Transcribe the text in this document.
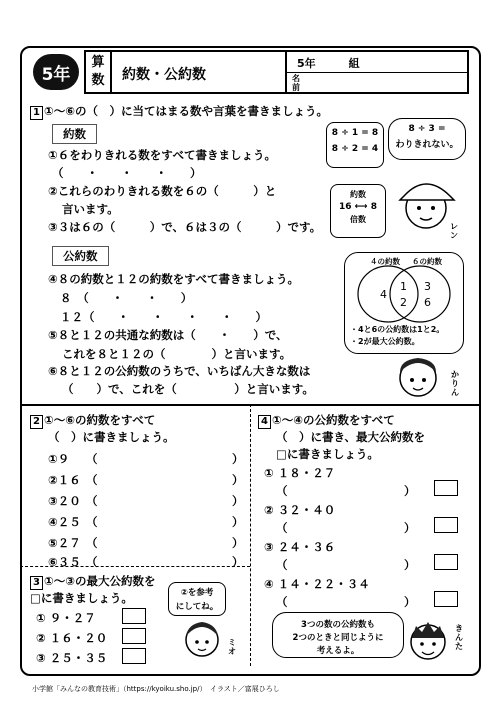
5年
算数	約数・公約数
5年　　　組
名前
1 ①〜⑥の（　）に当てはまる数や言葉を書きましょう。
約数
①６をわりきれる数をすべて書きましょう。
（　　・　　・　　・　　）
②これらのわりきれる数を６の（　　　）と
言います。
③３は６の（　　　）で、６は３の（　　　）です。
公約数
④８の約数と１２の約数をすべて書きましょう。
８　（　　・　　・　　）
１２（　　・　　・　　・　　・　　）
⑤８と１２の共通な約数は（　　・　　）で、
これを８と１２の（　　　　）と言います。
⑥８と１２の公約数のうちで、いちばん大きな数は
（　　）で、これを（　　　　　）と言います。
8 ÷ 1 = 8
8 ÷ 2 = 4
8 ÷ 3 =
わりきれない。
約数
16 ⟷ 8
倍数
レン
４の約数 ６の約数
4
1
2
3
6
・4と6の公約数は1と2。
・2が最大公約数。
かりん
2 ①〜⑥の約数をすべて
（　）に書きましょう。
①９ （	）
②１６ （	）
③２０ （	）
④２５ （	）
⑤２７ （	）
⑥３５ （	）
3 ①〜③の最大公約数を
□に書きましょう。
① ９・２７
② １６・２０
③ ２５・３５
②を参考
にしてね。
ミオ
4 ①〜④の公約数をすべて
（　）に書き、最大公約数を
□に書きましょう。
① １８・２７
（	）
② ３２・４０
（	）
③ ２４・３６
（	）
④ １４・２２・３４
（	）
3つの数の公約数も
2つのときと同じように
考えるよ。
きんた
小学館「みんなの教育技術」（https://kyoiku.sho.jp/）　イラスト／富展ひろし
